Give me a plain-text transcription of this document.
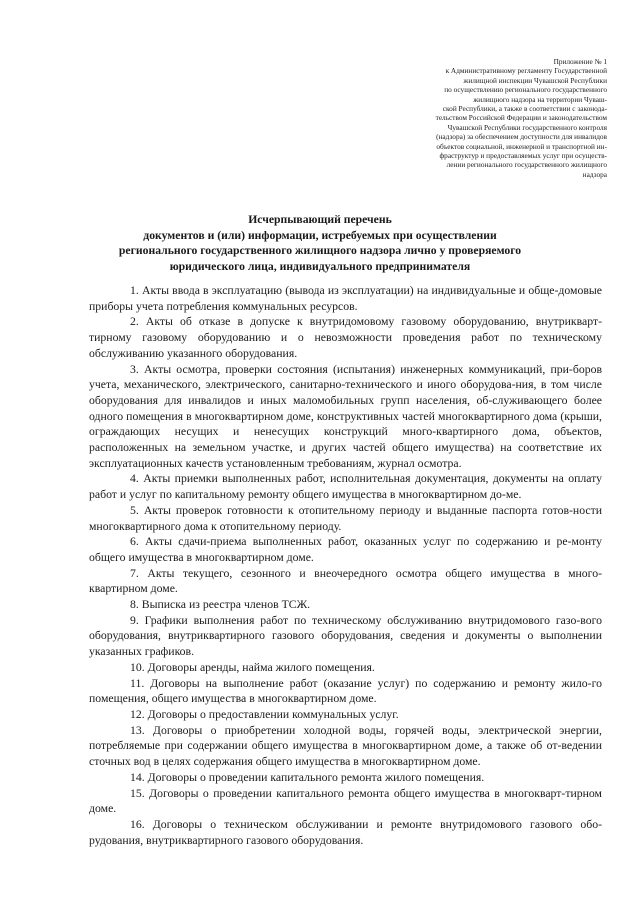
Приложение № 1
к Административному регламенту Государственной
жилищной инспекции Чувашской Республики
по осуществлению регионального государственного
жилищного надзора на территории Чуваш-
ской Республики, а также в соответствии с законода-
тельством Российской Федерации и законодательством
Чувашской Республики государственного контроля
(надзора) за обеспечением доступности для инвалидов
объектов социальной, инженерной и транспортной ин-
фраструктур и предоставляемых услуг при осуществ-
лении регионального государственного жилищного
надзора
Исчерпывающий перечень
документов и (или) информации, истребуемых при осуществлении
регионального государственного жилищного надзора лично у проверяемого
юридического лица, индивидуального предпринимателя

1. Акты ввода в эксплуатацию (вывода из эксплуатации) на индивидуальные и обще-домовые приборы учета потребления коммунальных ресурсов.

2. Акты об отказе в допуске к внутридомовому газовому оборудованию, внутрикварт-тирному газовому оборудованию и о невозможности проведения работ по техническому обслуживанию указанного оборудования.

3. Акты осмотра, проверки состояния (испытания) инженерных коммуникаций, при-боров учета, механического, электрического, санитарно-технического и иного оборудова-ния, в том числе оборудования для инвалидов и иных маломобильных групп населения, об-служивающего более одного помещения в многоквартирном доме, конструктивных частей многоквартирного дома (крыши, ограждающих несущих и ненесущих конструкций много-квартирного дома, объектов, расположенных на земельном участке, и других частей общего имущества) на соответствие их эксплуатационных качеств установленным требованиям, журнал осмотра.

4. Акты приемки выполненных работ, исполнительная документация, документы на оплату работ и услуг по капитальному ремонту общего имущества в многоквартирном до-ме.

5. Акты проверок готовности к отопительному периоду и выданные паспорта готов-ности многоквартирного дома к отопительному периоду.

6. Акты сдачи-приема выполненных работ, оказанных услуг по содержанию и ре-монту общего имущества в многоквартирном доме.

7. Акты текущего, сезонного и внеочередного осмотра общего имущества в много-квартирном доме.

8. Выписка из реестра членов ТСЖ.

9. Графики выполнения работ по техническому обслуживанию внутридомового газо-вого оборудования, внутриквартирного газового оборудования, сведения и документы о выполнении указанных графиков.

10. Договоры аренды, найма жилого помещения.

11. Договоры на выполнение работ (оказание услуг) по содержанию и ремонту жило-го помещения, общего имущества в многоквартирном доме.

12. Договоры о предоставлении коммунальных услуг.

13. Договоры о приобретении холодной воды, горячей воды, электрической энергии, потребляемые при содержании общего имущества в многоквартирном доме, а также об от-ведении сточных вод в целях содержания общего имущества в многоквартирном доме.

14. Договоры о проведении капитального ремонта жилого помещения.

15. Договоры о проведении капитального ремонта общего имущества в многокварт-тирном доме.

16. Договоры о техническом обслуживании и ремонте внутридомового газового обо-рудования, внутриквартирного газового оборудования.
